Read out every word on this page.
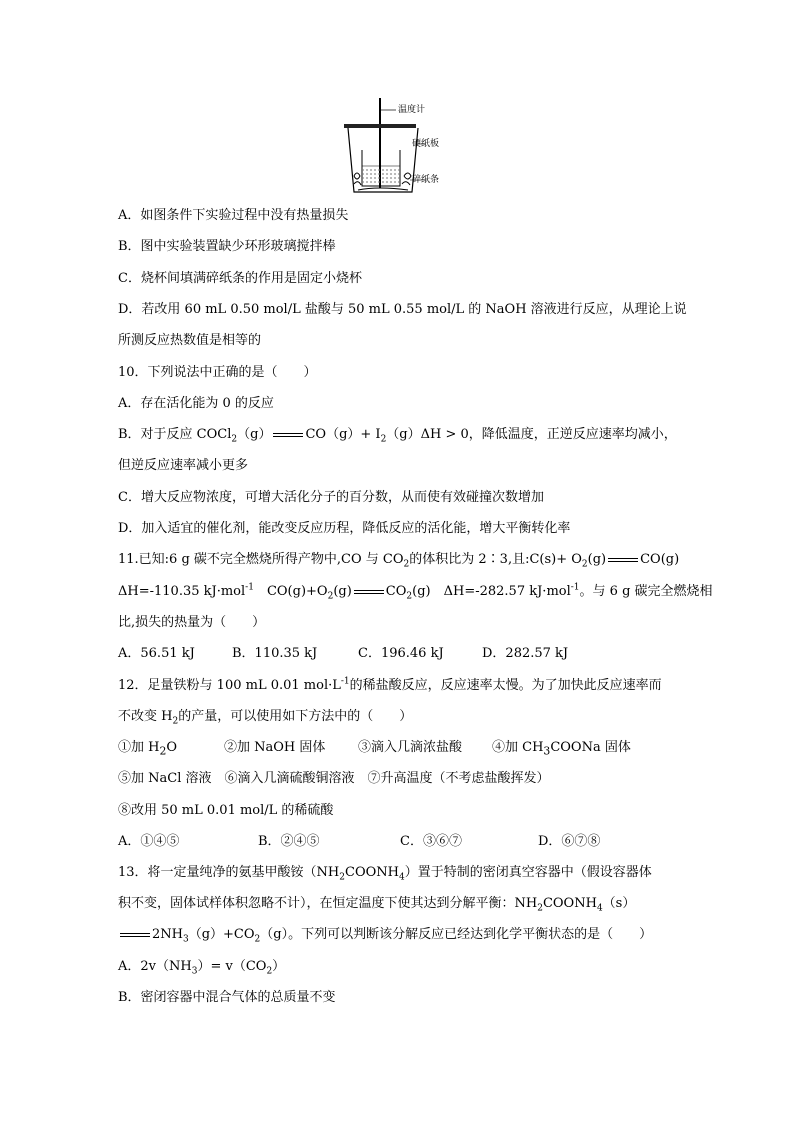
温度计
硬纸板
碎纸条
A．如图条件下实验过程中没有热量损失
B．图中实验装置缺少环形玻璃搅拌棒
C．烧杯间填满碎纸条的作用是固定小烧杯
D．若改用 60 mL 0.50 mol/L 盐酸与 50 mL 0.55 mol/L 的 NaOH 溶液进行反应，从理论上说
所测反应热数值是相等的
10．下列说法中正确的是（　　）
A．存在活化能为 0 的反应
B．对于反应 COCl$_2$（g）	$CO(g)+ I_2(g)\Delta H > 0$，降低温度，正逆反应速率均减小，
但逆反应速率减小更多
C．增大反应物浓度，可增大活化分子的百分数，从而使有效碰撞次数增加
D．加入适宜的催化剂，能改变反应历程，降低反应的活化能，增大平衡转化率
11.已知:6 g 碳不完全燃烧所得产物中,CO 与 $CO_2$的体积比为 2∶3,且:C(s)+ $O_2(g)$	CO(g)
ΔH=-110.35 kJ·mol$^{-1}$　$CO(g)+O_2(g)$	$CO_2(g)$　ΔH=-282.57 kJ·mol$^{-1}$。与 6 g 碳完全燃烧相
比,损失的热量为（　　）
A．56.51 kJ	B．110.35 kJ	C．196.46 kJ	D．282.57 kJ
12．足量铁粉与 100 mL 0.01 $mol\cdot L^{-1}$的稀盐酸反应，反应速率太慢。为了加快此反应速率而
不改变 $H_2$的产量，可以使用如下方法中的（　　）
①加 $H_2O$	②加 NaOH 固体	③滴入几滴浓盐酸 ④加 $CH_3COONa$ 固体
⑤加 NaCl 溶液　⑥滴入几滴硫酸铜溶液　⑦升高温度（不考虑盐酸挥发）
⑧改用 50 mL 0.01 mol/L 的稀硫酸
A．①④⑤	B．②④⑤	C．③⑥⑦	D．⑥⑦⑧
13．将一定量纯净的氨基甲酸铵$(NH_2COONH_4)$置于特制的密闭真空容器中（假设容器体
积不变，固体试样体积忽略不计），在恒定温度下使其达到分解平衡：$NH_2COONH_4(s)$
$2NH_3(g)+CO_2(g)$。下列可以判断该分解反应已经达到化学平衡状态的是（　　）
A．$2v(NH_3)= v(CO_2)$
B．密闭容器中混合气体的总质量不变
